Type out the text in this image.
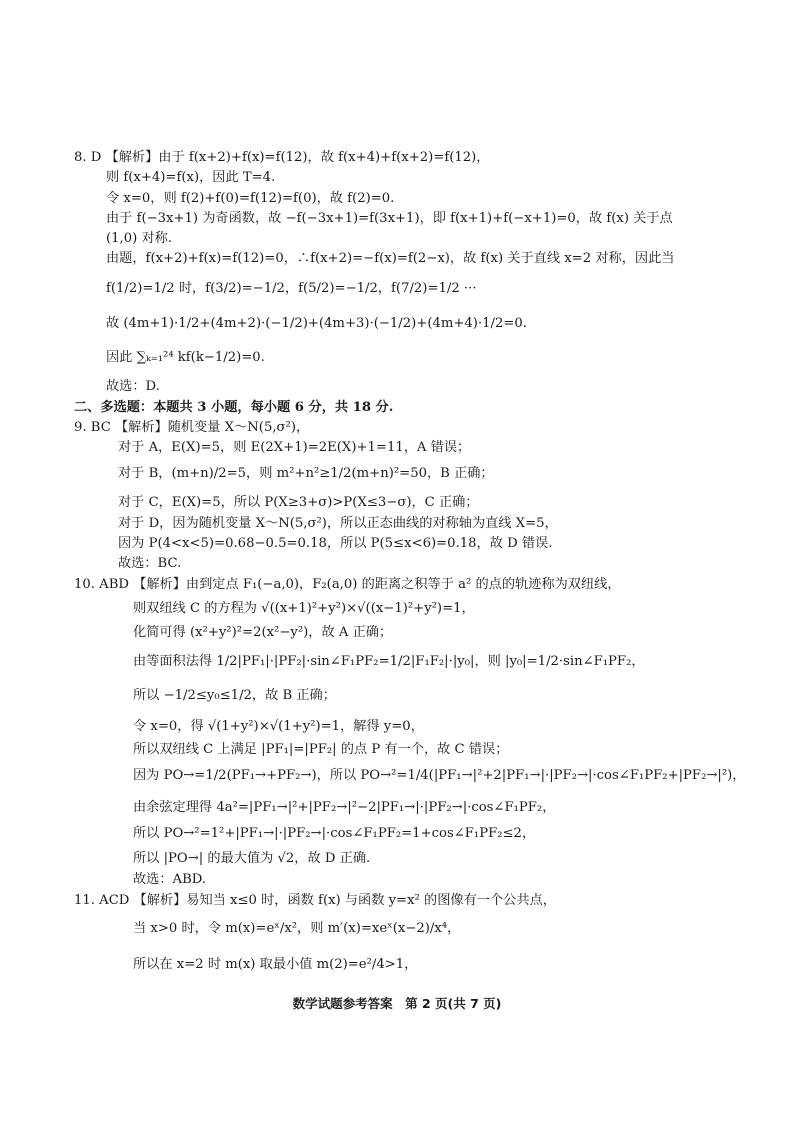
8. D 【解析】由于 f(x+2)+f(x)=f(12)，故 f(x+4)+f(x+2)=f(12)，
则 f(x+4)=f(x)，因此 T=4.
令 x=0，则 f(2)+f(0)=f(12)=f(0)，故 f(2)=0.
由于 f(−3x+1) 为奇函数，故 −f(−3x+1)=f(3x+1)，即 f(x+1)+f(−x+1)=0，故 f(x) 关于点
(1,0) 对称.
由题，f(x+2)+f(x)=f(12)=0，∴f(x+2)=−f(x)=f(2−x)，故 f(x) 关于直线 x=2 对称，因此当
f(1/2)=1/2 时，f(3/2)=−1/2，f(5/2)=−1/2，f(7/2)=1/2 ···
故 (4m+1)·1/2+(4m+2)·(−1/2)+(4m+3)·(−1/2)+(4m+4)·1/2=0.
因此 ∑ₖ₌₁²⁴ kf(k−1/2)=0.
故选：D.
二、多选题：本题共 3 小题，每小题 6 分，共 18 分.
9. BC 【解析】随机变量 X～N(5,σ²)，
对于 A，E(X)=5，则 E(2X+1)=2E(X)+1=11，A 错误；
对于 B，(m+n)/2=5，则 m²+n²≥1/2(m+n)²=50，B 正确；
对于 C，E(X)=5，所以 P(X≥3+σ)>P(X≤3−σ)，C 正确；
对于 D，因为随机变量 X～N(5,σ²)，所以正态曲线的对称轴为直线 X=5，
因为 P(4<x<5)=0.68−0.5=0.18，所以 P(5≤x<6)=0.18，故 D 错误.
故选：BC.
10. ABD 【解析】由到定点 F₁(−a,0)，F₂(a,0) 的距离之积等于 a² 的点的轨迹称为双纽线，
则双纽线 C 的方程为 √((x+1)²+y²)×√((x−1)²+y²)=1，
化简可得 (x²+y²)²=2(x²−y²)，故 A 正确；
由等面积法得 1/2|PF₁|·|PF₂|·sin∠F₁PF₂=1/2|F₁F₂|·|y₀|，则 |y₀|=1/2·sin∠F₁PF₂，
所以 −1/2≤y₀≤1/2，故 B 正确；
令 x=0，得 √(1+y²)×√(1+y²)=1，解得 y=0，
所以双纽线 C 上满足 |PF₁|=|PF₂| 的点 P 有一个，故 C 错误；
因为 PO→=1/2(PF₁→+PF₂→)，所以 PO→²=1/4(|PF₁→|²+2|PF₁→|·|PF₂→|·cos∠F₁PF₂+|PF₂→|²)，
由余弦定理得 4a²=|PF₁→|²+|PF₂→|²−2|PF₁→|·|PF₂→|·cos∠F₁PF₂，
所以 PO→²=1²+|PF₁→|·|PF₂→|·cos∠F₁PF₂=1+cos∠F₁PF₂≤2，
所以 |PO→| 的最大值为 √2，故 D 正确.
故选：ABD.
11. ACD 【解析】易知当 x≤0 时，函数 f(x) 与函数 y=x² 的图像有一个公共点，
当 x>0 时，令 m(x)=eˣ/x²，则 m′(x)=xeˣ(x−2)/x⁴，
所以在 x=2 时 m(x) 取最小值 m(2)=e²/4>1，
数学试题参考答案　第 2 页(共 7 页)
